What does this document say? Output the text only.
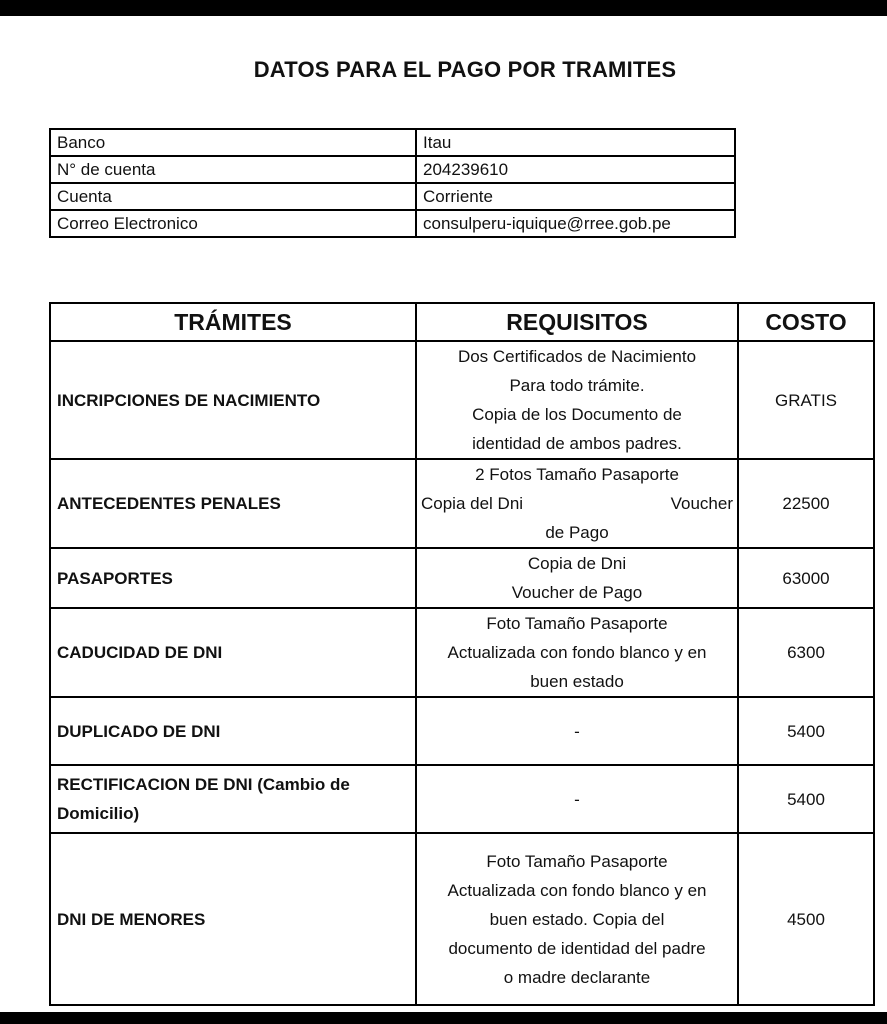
DATOS PARA EL PAGO POR TRAMITES
Banco	Itau
N° de cuenta	204239610
Cuenta	Corriente
Correo Electronico	consulperu-iquique@rree.gob.pe
TRÁMITES	REQUISITOS	COSTO
INCRIPCIONES DE NACIMIENTO	Dos Certificados de Nacimiento
Para todo trámite.
Copia de los Documento de
identidad de ambos padres.	GRATIS
ANTECEDENTES PENALES	2 Fotos Tamaño Pasaporte
Copia del Dni Voucher
de Pago	22500
PASAPORTES	Copia de Dni
Voucher de Pago	63000
CADUCIDAD DE DNI	Foto Tamaño Pasaporte
Actualizada con fondo blanco y en
buen estado	6300
DUPLICADO DE DNI	-	5400

RECTIFICACION DE DNI (Cambio de
Domicilio)	-	5400
DNI DE MENORES	Foto Tamaño Pasaporte
Actualizada con fondo blanco y en
buen estado. Copia del
documento de identidad del padre
o madre declarante	4500
